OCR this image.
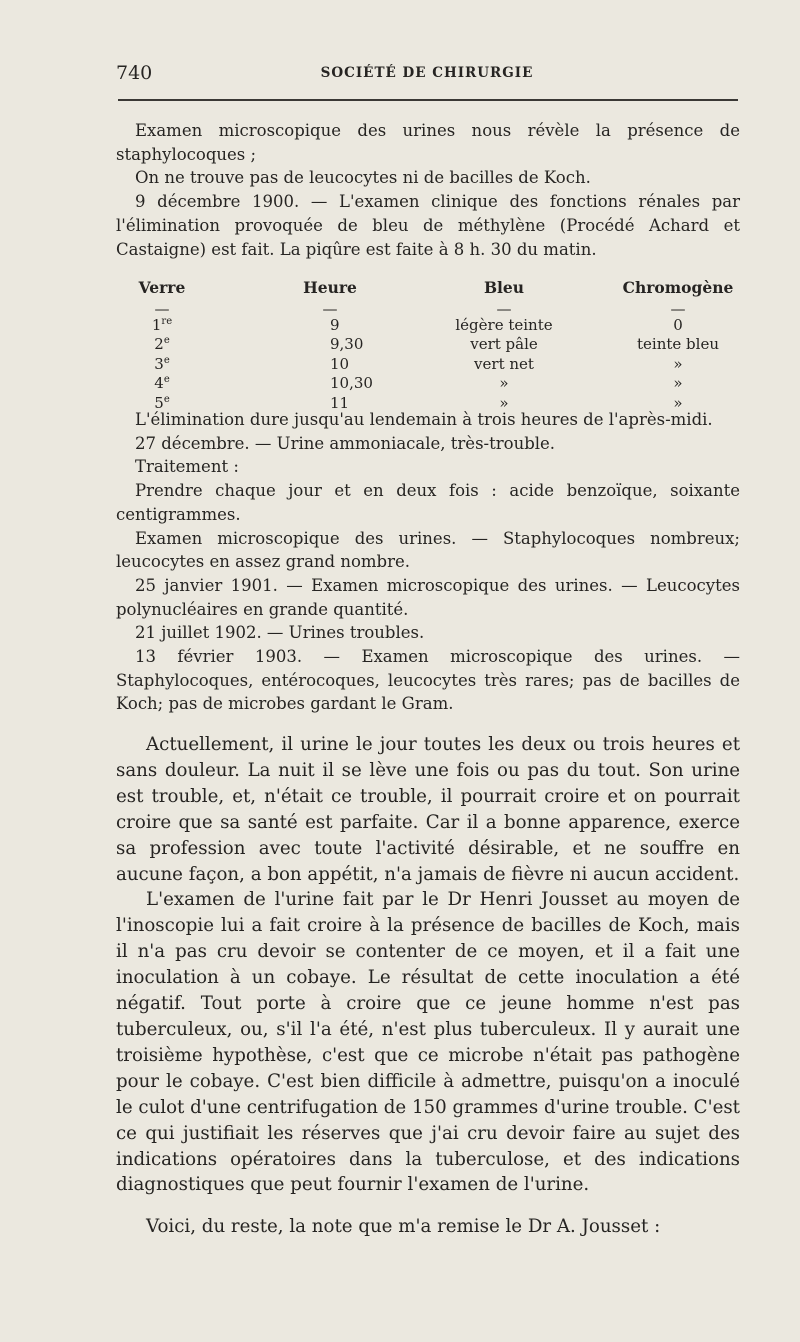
740	SOCIÉTÉ DE CHIRURGIE

Examen microscopique des urines nous révèle la présence de staphylocoques ;

On ne trouve pas de leucocytes ni de bacilles de Koch.

9 décembre 1900. — L'examen clinique des fonctions rénales par l'élimination provoquée de bleu de méthylène (Procédé Achard et Castaigne) est fait. La piqûre est faite à 8 h. 30 du matin.

Verre	Heure	Bleu	Chromogène
—	—	—	—
1re	9	légère teinte	0
2e	9,30	vert pâle	teinte bleu
3e	10	vert net	»
4e	10,30	»	»
5e	11	»	»

L'élimination dure jusqu'au lendemain à trois heures de l'après-midi.

27 décembre. — Urine ammoniacale, très-trouble.

Traitement :

Prendre chaque jour et en deux fois : acide benzoïque, soixante centigrammes.

Examen microscopique des urines. — Staphylocoques nombreux; leucocytes en assez grand nombre.

25 janvier 1901. — Examen microscopique des urines. — Leucocytes polynucléaires en grande quantité.

21 juillet 1902. — Urines troubles.

13 février 1903. — Examen microscopique des urines. — Staphylocoques, entérocoques, leucocytes très rares; pas de bacilles de Koch; pas de microbes gardant le Gram.

Actuellement, il urine le jour toutes les deux ou trois heures et sans douleur. La nuit il se lève une fois ou pas du tout. Son urine est trouble, et, n'était ce trouble, il pourrait croire et on pourrait croire que sa santé est parfaite. Car il a bonne apparence, exerce sa profession avec toute l'activité désirable, et ne souffre en aucune façon, a bon appétit, n'a jamais de fièvre ni aucun accident.

L'examen de l'urine fait par le Dr Henri Jousset au moyen de l'inoscopie lui a fait croire à la présence de bacilles de Koch, mais il n'a pas cru devoir se contenter de ce moyen, et il a fait une inoculation à un cobaye. Le résultat de cette inoculation a été négatif. Tout porte à croire que ce jeune homme n'est pas tuberculeux, ou, s'il l'a été, n'est plus tuberculeux. Il y aurait une troisième hypothèse, c'est que ce microbe n'était pas pathogène pour le cobaye. C'est bien difficile à admettre, puisqu'on a inoculé le culot d'une centrifugation de 150 grammes d'urine trouble. C'est ce qui justifiait les réserves que j'ai cru devoir faire au sujet des indications opératoires dans la tuberculose, et des indications diagnostiques que peut fournir l'examen de l'urine.

Voici, du reste, la note que m'a remise le Dr A. Jousset :
